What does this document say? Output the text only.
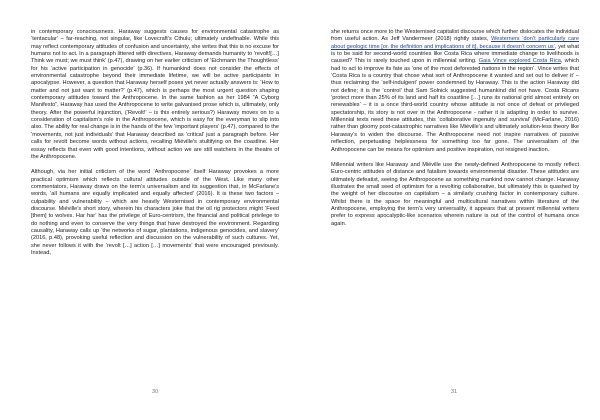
in contemporary consciousness. Haraway suggests causes for environmental catastrophe as ‘tentacular’ – far-reaching, not singular, like Lovecraft’s Cthulu; ultimately undefinable. While this may reflect contemporary attitudes of confusion and uncertainty, she writes that this is no excuse for humans not to act. In a paragraph littered with directives, Haraway demands humanity to ‘revolt![…] Think we must; we must think’ (p.47), drawing on her earlier criticism of ‘Eichmann the Thoughtless’ for his ‘active participation in genocide’ (p.36). If humankind does not consider the effects of environmental catastrophe beyond their immediate lifetime, we will be active participants in apocalypse. However, a question that Haraway herself poses yet never actually answers is: ‘How to matter and not just want to matter?’ (p.47), which is perhaps the most urgent question shaping contemporary attitudes toward the Anthropocene. In the same fashion as her 1984 “A Cyborg Manifesto”, Haraway has used the Anthropocene to write galvanised prose which is, ultimately, only theory. After the powerful injunction, (‘Revolt!’ – is this entirely serious?) Haraway moves on to a consideration of capitalism’s role in the Anthropocene, which is easy for the everyman to slip into also. The ability for real change is in the hands of the few ‘important players’ (p.47), compared to the ‘movements, not just individuals’ that Haraway described as ‘critical’ just a paragraph before. Her calls for revolt become words without actions, recalling Miéville’s stultifying on the coastline. Her essay reflects that even with good intentions, without action we are still watchers in the theatre of the Anthropocene.

Although, via her initial criticism of the word ‘Anthropocene’ itself Haraway provokes a more practical optimism which reflects cultural attitudes outside of the West. Like many other commentators, Haraway draws on the term’s universalism and its suggestion that, in McFarlane’s words, ‘all humans are equally implicated and equally affected’ (2016). It is these two factors – culpability and vulnerability – which are heavily Westernised in contemporary environmental discourse. Miéville’s short story, wherein his characters joke that the oil rig protectors might ‘Feed [them] to wolves. Har har’ has the privilege of Euro-centrism, the financial and political privilege to do nothing and even to conserve the very things that have destroyed the environment. Regarding causality, Haraway calls up ‘the networks of sugar, plantations, indigenous genocides, and slavery’ (2016, p.48), provoking useful reflection and discussion on the vulnerability of such cultures. Yet, she never follows it with the ‘revolt […] action […] movements’ that were encouraged previously. Instead,

30

she returns once more to the Westernised capitalist discourse which further dislocates the individual from useful action. As Jeff Vandermeer (2018) rightly states, Westerners ‘don’t particularly care about geologic time [or. the definition and implications of it], because it doesn’t concern us’, yet what is to be said for second-world countries like Costa Rica where immediate change to livelihoods is caused? This is rarely touched upon in millennial writing. Gaia Vince explored Costa Rica, which had to act to improve its fate as ‘one of the most deforested nations in the region’. Vince writes that ‘Costa Rica is a country that chose what sort of Anthropocene it wanted and set out to deliver it’ – thus reclaiming the ‘self-indulgent’ power condemned by Haraway. This is the action Haraway did not define; it is the ‘control’ that Sam Solnick suggested humankind did not have. Costa Ricans ‘protect more than 25% of its land and half its coastline […] runs its national grid almost entirely on renewables’ – it is a once third-world country whose attitude is not once of defeat or privileged spectatorship, its story is not over in the Anthropocene - rather it is adapting in order to survive. Millennial texts need these attitudes, this ‘collaborative ingenuity and survival’ (McFarlane, 2016) rather than gloomy post-catastrophic narratives like Miéville’s and ultimately solution-less theory like Haraway’s to widen the discourse. The Anthropocene need not inspire narratives of passive reflection, perpetuating helplessness for something too far gone. The universalism of the Anthropocene can be means for optimism and positive inspiration, not resigned inaction.

Millennial writers like Haraway and Miéville use the newly-defined Anthropocene to mostly reflect Euro-centric attitudes of distance and fatalism towards environmental disaster. These attitudes are ultimately defeatist, seeing the Anthropocene as something mankind now cannot change. Haraway illustrates the small seed of optimism for a revolting collaborative, but ultimately this is quashed by the weight of her discourse on capitalism – a similarly crushing factor in contemporary culture. Whilst there is the space for meaningful and multicultural narratives within literature of the Anthropocene, employing the term’s very universality, it appears that at present millennial writers prefer to express apocalyptic-like scenarios wherein nature is out of the control of humans once again.

31
